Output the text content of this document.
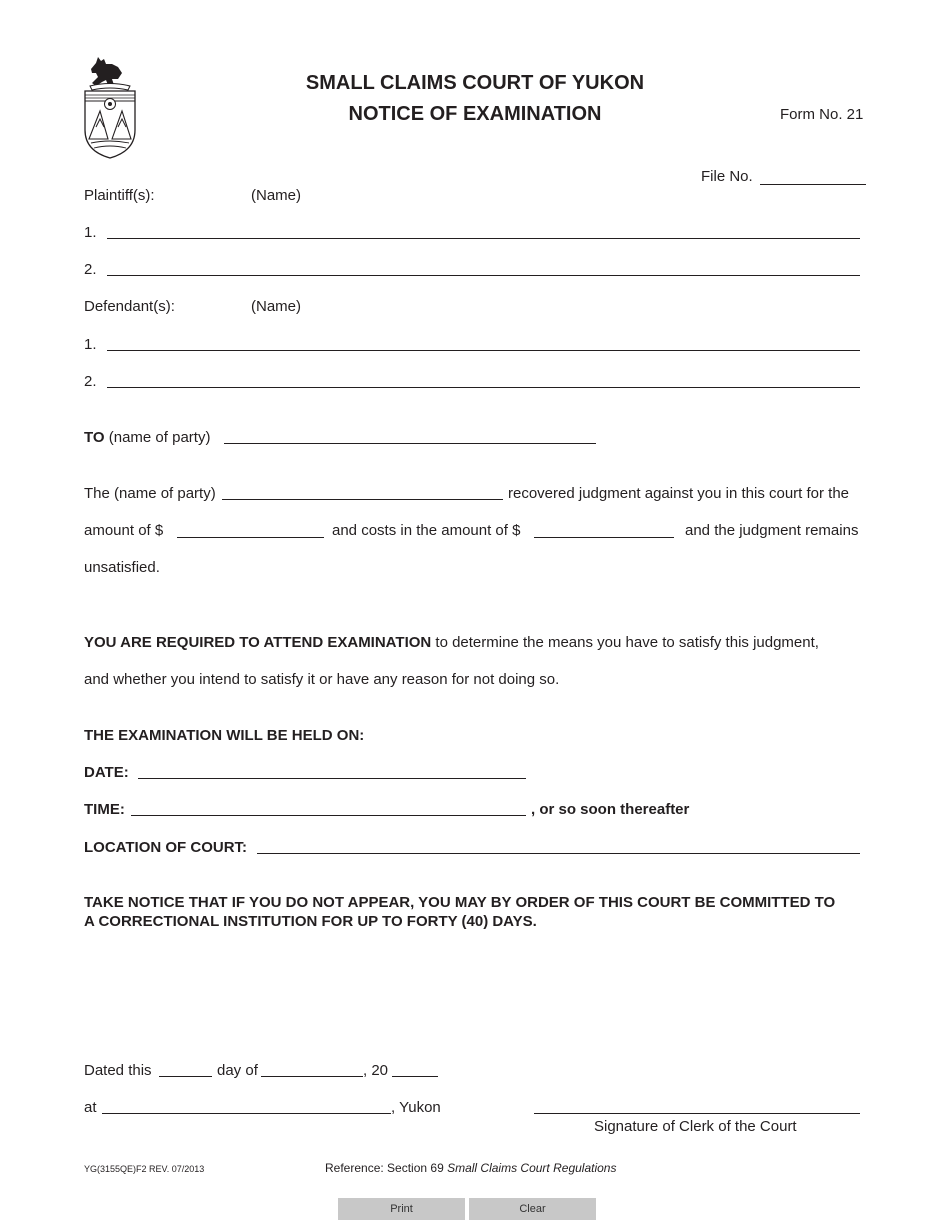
SMALL CLAIMS COURT OF YUKON
NOTICE OF EXAMINATION	Form No. 21
File No.
Plaintiff(s):	(Name)
1.
2.
Defendant(s):	(Name)
1.
2.
TO (name of party)
The (name of party)	recovered judgment against you in this court for the
amount of $	and costs in the amount of $	and the judgment remains
unsatisfied.
YOU ARE REQUIRED TO ATTEND EXAMINATION to determine the means you have to satisfy this judgment,
and whether you intend to satisfy it or have any reason for not doing so.
THE EXAMINATION WILL BE HELD ON:
DATE:
TIME:	, or so soon thereafter
LOCATION OF COURT:
TAKE NOTICE THAT IF YOU DO NOT APPEAR, YOU MAY BY ORDER OF THIS COURT BE COMMITTED TO
A CORRECTIONAL INSTITUTION FOR UP TO FORTY (40) DAYS.
Dated this	day of	, 20
at	, Yukon
Signature of Clerk of the Court
YG(3155QE)F2 REV. 07/2013	Reference: Section 69 Small Claims Court Regulations
Print	Clear
